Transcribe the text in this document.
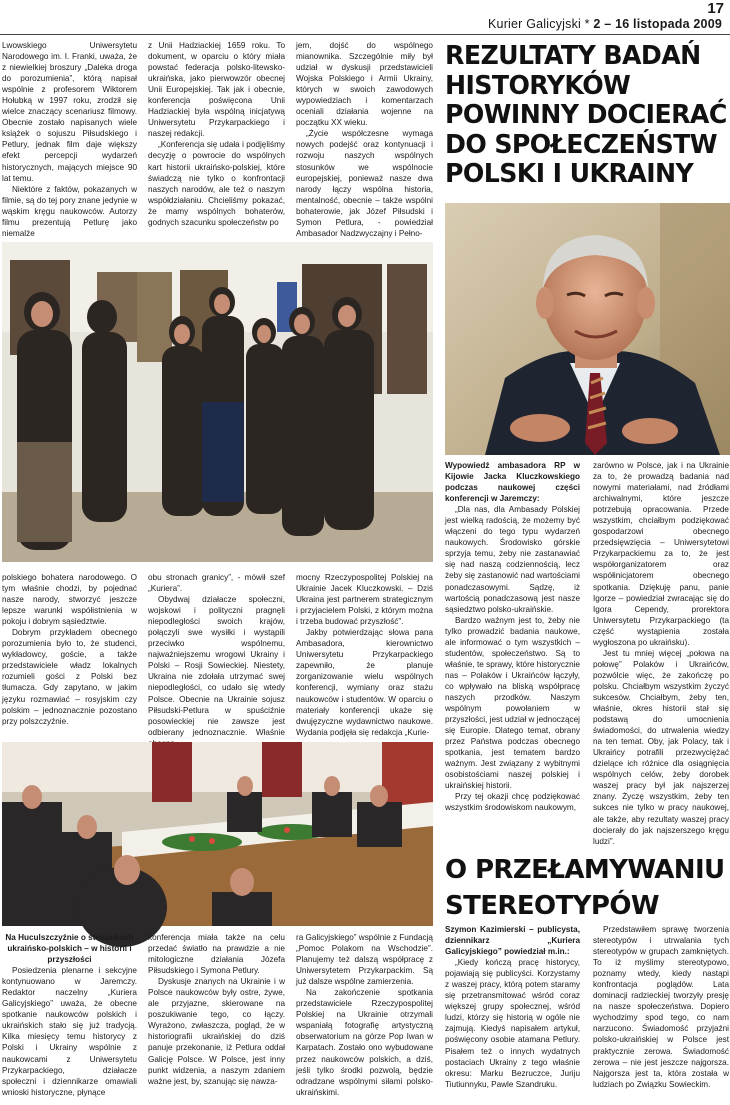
17
Kurier Galicyjski * 2 – 16 listopada 2009

Lwowskiego Uniwersytetu Narodowego im. I. Franki, uważa, że z niewielkiej broszury „Daleka droga do porozumienia”, którą napisał wspólnie z profesorem Wiktorem Hołubką w 1997 roku, zrodził się wielce znaczący scenariusz filmowy. Obecnie zostało napisanych wiele książek o sojuszu Piłsudskiego i Petlury, jednak film daje większy efekt percepcji wydarzeń historycznych, mających miejsce 90 lat temu.

Niektóre z faktów, pokazanych w filmie, są do tej pory znane jedynie w wąskim kręgu naukowców. Autorzy filmu prezentują Petlurę jako niemalże

z Unii Hadziackiej 1659 roku. To dokument, w oparciu o który miała powstać federacja polsko-litewsko-ukraińska, jako pierwowzór obecnej Unii Europejskiej. Tak jak i obecnie, konferencja poświęcona Unii Hadziackiej była wspólną inicjatywą Uniwersytetu Przykarpackiego i naszej redakcji.

„Konferencja się udała i podjęliśmy decyzję o powrocie do wspólnych kart historii ukraińsko-polskiej, które świadczą nie tylko o konfrontacji naszych narodów, ale też o naszym współdziałaniu. Chcieliśmy pokazać, że mamy wspólnych bohaterów, godnych szacunku społeczeństw po

jem, dojść do wspólnego mianownika. Szczególnie miły był udział w dyskusji przedstawicieli Wojska Polskiego i Armii Ukrainy, których w swoich zawodowych wypowiedziach i komentarzach oceniali działania wojenne na początku XX wieku.

„Życie współczesne wymaga nowych podejść oraz kontynuacji i rozwoju naszych wspólnych stosunków we wspólnocie europejskiej, ponieważ nasze dwa narody łączy wspólna historia, mentalność, obecnie – także wspólni bohaterowie, jak Józef Piłsudski i Symon Petlura, - powiedział Ambasador Nadzwyczajny i Pełno-

REZULTATY BADAŃ
HISTORYKÓW
POWINNY DOCIERAĆ
DO SPOŁECZEŃSTW
POLSKI I UKRAINY

polskiego bohatera narodowego. O tym właśnie chodzi, by pojednać nasze narody, stworzyć jeszcze lepsze warunki współistnienia w pokoju i dobrym sąsiedztwie.

Dobrym przykładem obecnego porozumienia było to, że studenci, wykładowcy, goście, a także przedstawiciele władz lokalnych rozumieli gości z Polski bez tłumacza. Gdy zapytano, w jakim języku rozmawiać – rosyjskim czy polskim – jednoznacznie pozostano przy polszczyźnie.

obu stronach granicy”, - mówił szef „Kuriera”.

Obydwaj działacze społeczni, wojskowi i polityczni pragnęli niepodległości swoich krajów, połączyli swe wysiłki i wystąpili przeciwko wspólnemu, najważniejszemu wrogowi Ukrainy i Polski – Rosji Sowieckiej. Niestety, Ukraina nie zdołała utrzymać swej niepodległości, co udało się wtedy Polsce. Obecnie na Ukrainie sojusz Piłsudski-Petlura w spuściźnie posowieckiej nie zawsze jest odbierany jednoznacznie. Właśnie

mocny Rzeczypospolitej Polskiej na Ukrainie Jacek Kluczkowski. – Dziś Ukraina jest partnerem strategicznym i przyjacielem Polski, z którym można i trzeba budować przyszłość”.

Jakby potwierdzając słowa pana Ambasadora, kierownictwo Uniwersytetu Przykarpackiego zapewniło, że planuje zorganizowanie wielu wspólnych konferencji, wymiany oraz stażu naukowców i studentów. W oparciu o materiały konferencji ukaże się dwujęzyczne wydawnictwo naukowe. Wydania podjęła się redakcja „Kurie-

Wypowiedź ambasadora RP w Kijowie Jacka Kluczkowskiego podczas naukowej części konferencji w Jaremczy:

„Dla nas, dla Ambasady Polskiej jest wielką radością, że możemy być włączeni do tego typu wydarzeń naukowych. Środowisko górskie sprzyja temu, żeby nie zastanawiać się nad naszą codziennością, lecz żeby się zastanowić nad wartościami ponadczasowymi. Sądzę, iż wartością ponadczasową jest nasze sąsiedztwo polsko-ukraińskie.

Bardzo ważnym jest to, żeby nie tylko prowadzić badania naukowe, ale informować o tym wszystkich – studentów, społeczeństwo. Są to właśnie, te sprawy, które historycznie nas – Polaków i Ukraińców łączyły, co wpływało na bliską współpracę naszych przodków. Naszym wspólnym powołaniem w przyszłości, jest udział w jednoczącej się Europie. Dlatego temat, obrany przez Państwa podczas obecnego spotkania, jest tematem bardzo ważnym. Jest związany z wybitnymi osobistościami naszej polskiej i ukraińskiej historii.

Przy tej okazji chcę podziękować wszystkim środowiskom naukowym,

zarówno w Polsce, jak i na Ukrainie za to, że prowadzą badania nad nowymi materiałami, nad źródłami archiwalnymi, które jeszcze potrzebują opracowania. Przede wszystkim, chciałbym podziękować gospodarzowi obecnego przedsięwzięcia – Uniwersytetowi Przykarpackiemu za to, że jest współorganizatorem oraz współinicjatorem obecnego spotkania. Dziękuję panu, panie Igorze – powiedział zwracając się do Igora Cependy, prorektora Uniwersytetu Przykarpackiego (ta część wystąpienia została wygłoszona po ukraińsku).

Jest tu mniej więcej „połowa na połowę” Polaków i Ukraińców, pozwólcie więc, że zakończę po polsku. Chciałbym wszystkim życzyć sukcesów. Chciałbym, żeby ten, właśnie, okres historii stał się podstawą do umocnienia świadomości, do utrwalenia wiedzy na ten temat. Oby, jak Polacy, tak i Ukraińcy potrafili przezwyciężać dzielące ich różnice dla osiągnięcia wspólnych celów, żeby dorobek waszej pracy był jak najszerzej znany. Życzę wszystkim, żeby ten sukces nie tylko w pracy naukowej, ale także, aby rezultaty waszej pracy docierały do jak najszerszego kręgu ludzi”.

O PRZEŁAMYWANIU
STEREOTYPÓW

Na Huculszczyźnie o stosunkach ukraińsko-polskich – w historii i przyszłości

Posiedzenia plenarne i sekcyjne kontynuowano w Jaremczy. Redaktor naczelny „Kuriera Galicyjskiego” uważa, że obecne spotkanie naukowców polskich i ukraińskich stało się już tradycją. Kilka miesięcy temu historycy z Polski i Ukrainy wspólnie z naukowcami z Uniwersytetu Przykarpackiego, działacze społeczni i dziennikarze omawiali wnioski historyczne, płynące

konferencja miała także na celu przedać światło na prawdzie a nie mitologiczne działania Józefa Piłsudskiego i Symona Petlury.

Dyskusje znanych na Ukrainie i w Polsce naukowców były ostre, żywe, ale przyjazne, skierowane na poszukiwanie tego, co łączy. Wyrażono, zwłaszcza, pogląd, że w historiografii ukraińskiej do dziś panuje przekonanie, iż Petlura oddał Galicję Polsce. W Polsce, jest inny punkt widzenia, a naszym zdaniem ważne jest, by, szanując się nawza-

ra Galicyjskiego” wspólnie z Fundacją „Pomoc Polakom na Wschodzie”. Planujemy też dalszą współpracę z Uniwersytetem Przykarpackim. Są już dalsze wspólne zamierzenia.

Na zakończenie spotkania przedstawiciele Rzeczypospolitej Polskiej na Ukrainie otrzymali wspaniałą fotografię artystyczną obserwatorium na górze Pop Iwan w Karpatach. Zostało ono wybudowane przez naukowców polskich, a dziś, jeśli tylko środki pozwolą, będzie odradzane wspólnymi siłami polsko-ukraińskimi.

Szymon Kazimierski – publicysta, dziennikarz „Kuriera Galicyjskiego” powiedział m.in.:

„Kiedy kończą pracę historycy, pojawiają się publicyści. Korzystamy z waszej pracy, którą potem staramy się przetransmitować wśród coraz większej grupy społecznej, wśród ludzi, którzy się historią w ogóle nie zajmują. Kiedyś napisałem artykuł, poświęcony osobie atamana Petlury. Pisałem też o innych wydatnych postaciach Ukrainy z tego właśnie okresu: Marku Bezruczce, Juriju Tiutiunnyku, Pawle Szandruku.

Przedstawiłem sprawę tworzenia stereotypów i utrwalania tych stereotypów w grupach zamkniętych. To iż myślimy stereotypowo, poznamy wtedy, kiedy nastąpi konfrontacja poglądów. Lata dominacji radzieckiej tworzyły presję na nasze społeczeństwa. Dopiero wychodzimy spod tego, co nam narzucono. Świadomość przyjaźni polsko-ukraińskiej w Polsce jest praktycznie zerowa. Świadomość zerowa – nie jest jeszcze najgorsza. Najgorsza jest ta, która została w ludziach po Związku Sowieckim.
